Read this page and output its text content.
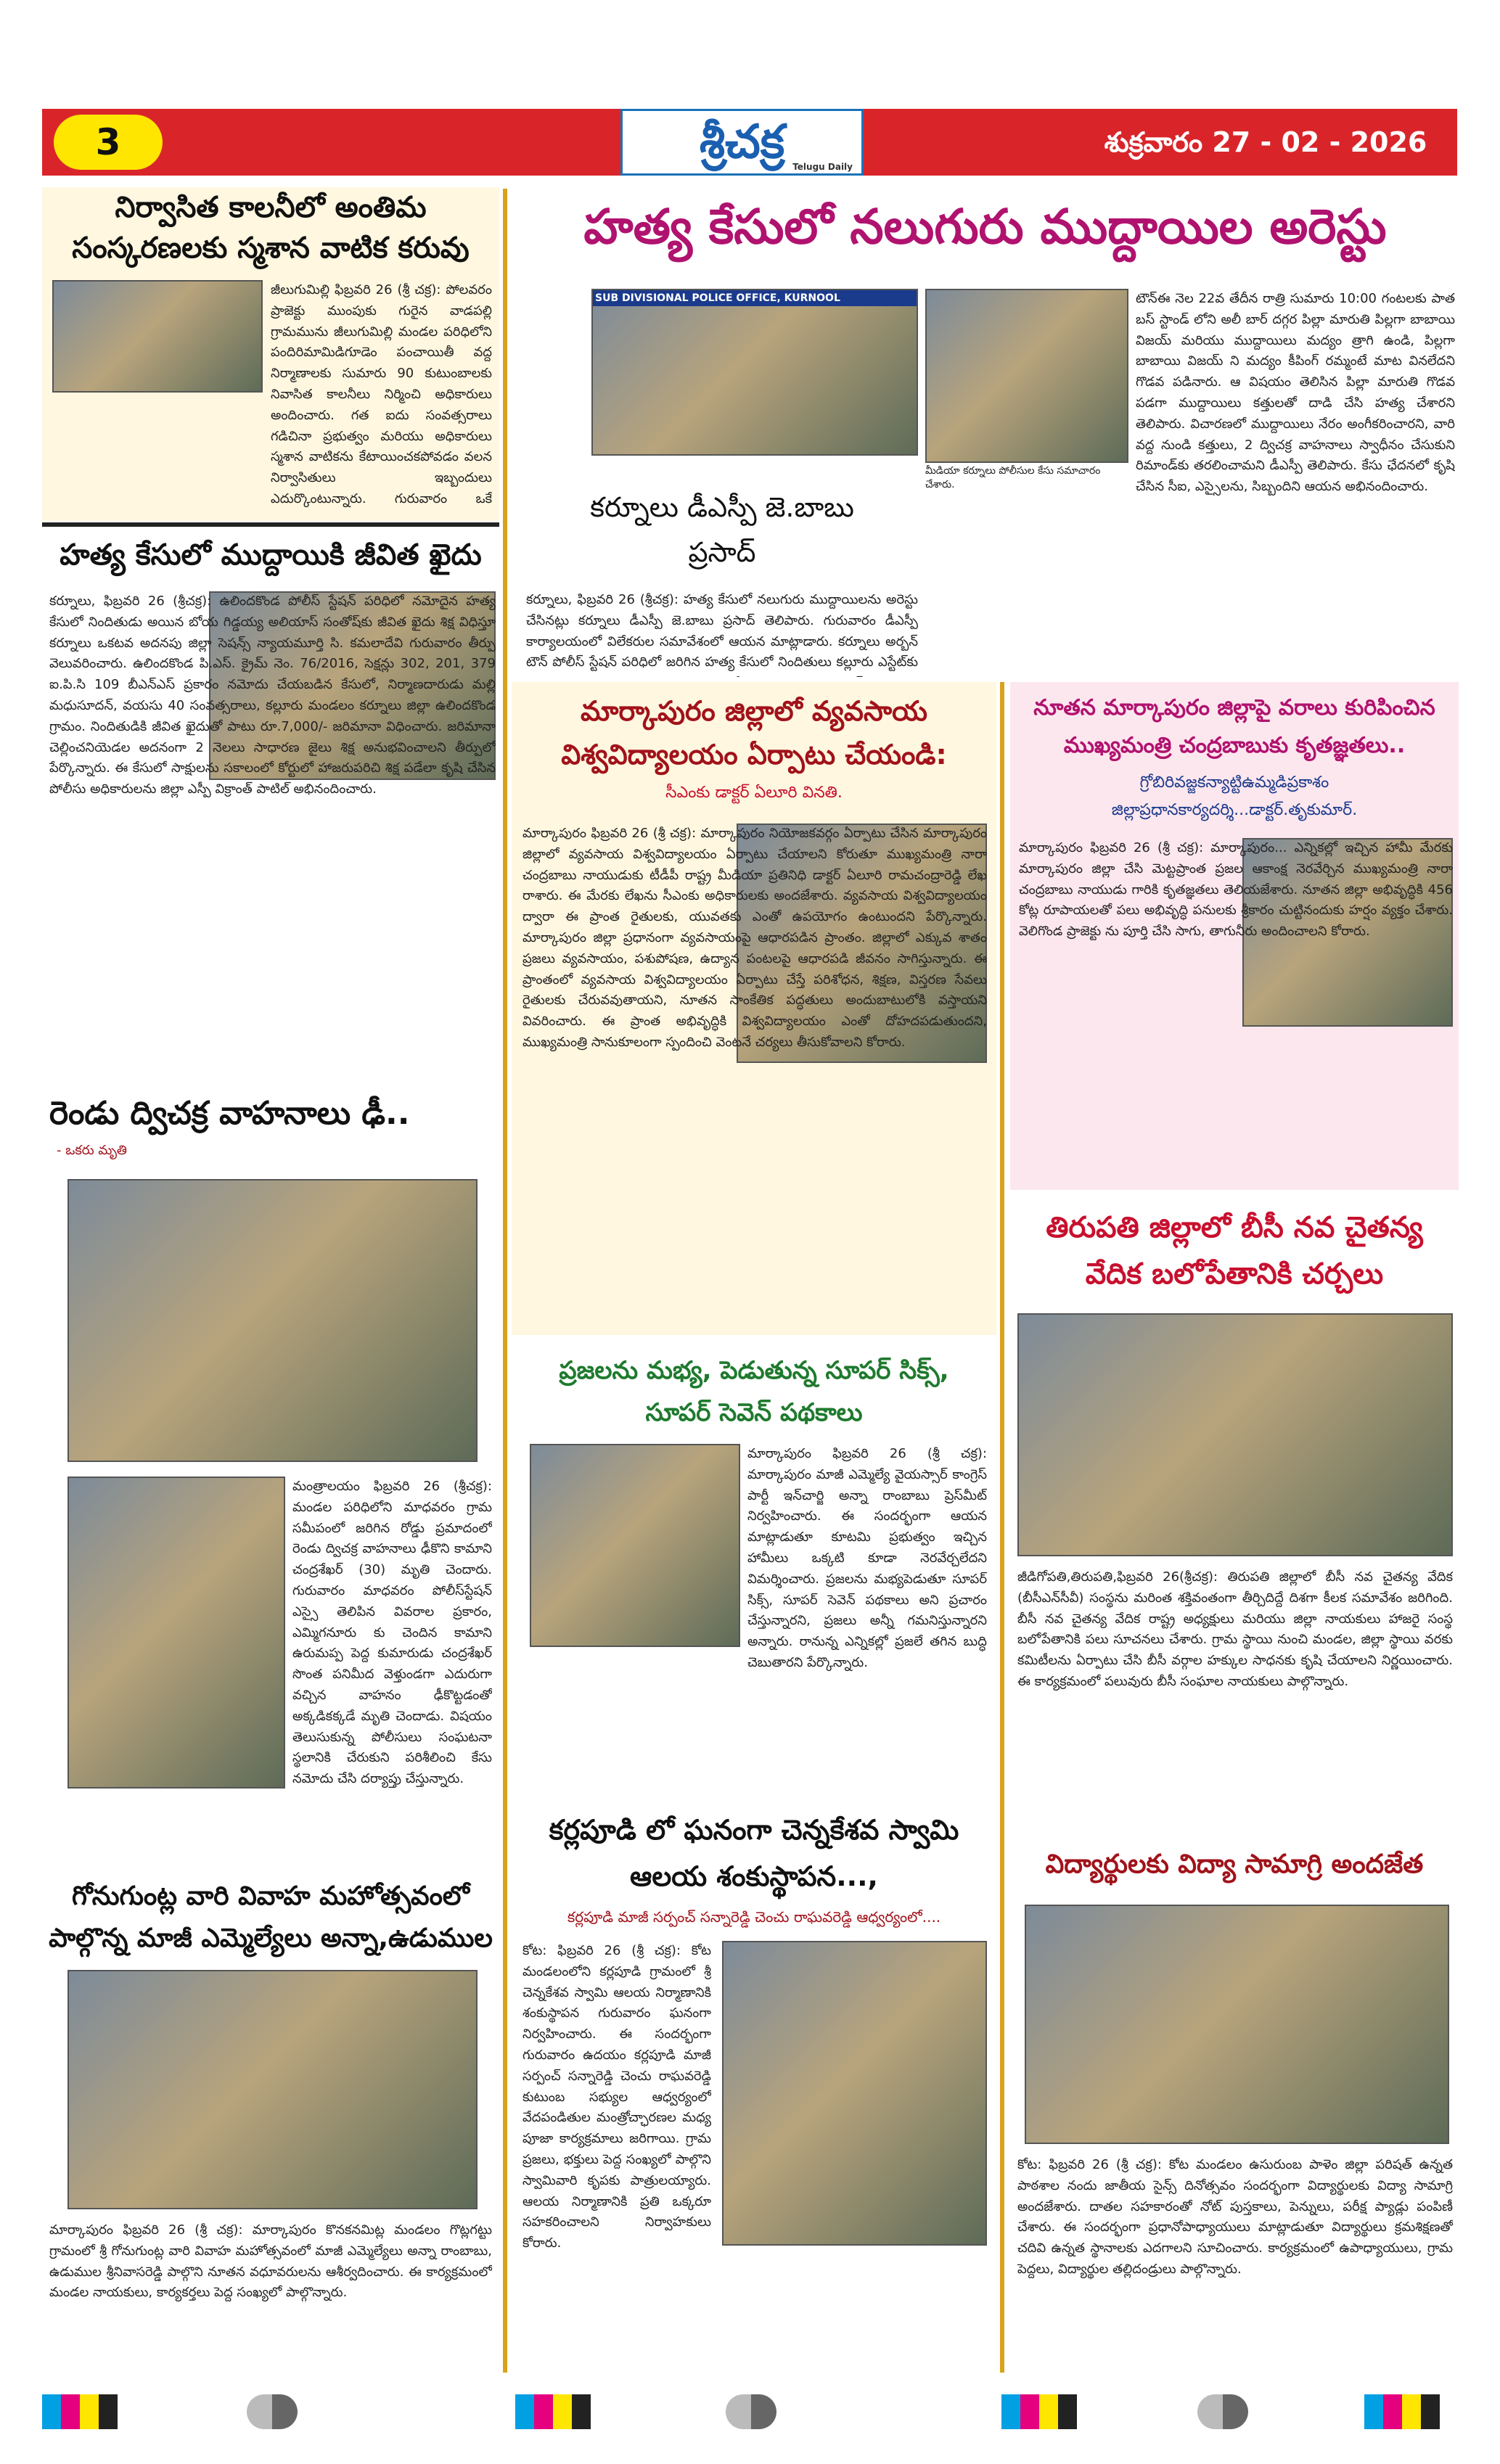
3	శ్రీచక్ర Telugu Daily
శుక్రవారం 27 - 02 - 2026
నిర్వాసిత కాలనీలో అంతిమ
సంస్కరణలకు స్మశాన వాటిక కరువు
జీలుగుమిల్లి ఫిబ్రవరి 26 (శ్రీ చక్ర): పోలవరం ప్రాజెక్టు ముంపుకు గురైన వాడపల్లి గ్రామమును జీలుగుమిల్లి మండల పరిధిలోని పందిరిమామిడిగూడెం పంచాయితీ వద్ద నిర్మాణాలకు సుమారు 90 కుటుంబాలకు నివాసిత కాలనీలు నిర్మించి అధికారులు అందించారు. గత ఐదు సంవత్సరాలు గడిచినా ప్రభుత్వం మరియు అధికారులు స్మశాన వాటికను కేటాయించకపోవడం వలన నిర్వాసితులు ఇబ్బందులు ఎదుర్కొంటున్నారు. గురువారం ఒకే
హత్య కేసులో ముద్దాయికి జీవిత ఖైదు
కర్నూలు, ఫిబ్రవరి 26 (శ్రీచక్ర): ఉలిందకొండ పోలీస్ స్టేషన్ పరిధిలో నమోదైన హత్య కేసులో నిందితుడు అయిన బోయ గిడ్డయ్య అలియాస్ సంతోష్‌కు జీవిత ఖైదు శిక్ష విధిస్తూ కర్నూలు ఒకటవ అదనపు జిల్లా సెషన్స్ న్యాయమూర్తి సి. కమలాదేవి గురువారం తీర్పు వెలువరించారు. ఉలిందకొండ పి.ఎస్. క్రైమ్ నెం. 76/2016, సెక్షన్లు 302, 201, 379 ఐ.పి.సి 109 బీఎన్ఎస్ ప్రకారం నమోదు చేయబడిన కేసులో, నిర్మాణదారుడు మల్లి మధుసూదన్, వయసు 40 సంవత్సరాలు, కల్లూరు మండలం కర్నూలు జిల్లా ఉలిందకొండ గ్రామం. నిందితుడికి జీవిత ఖైదుతో పాటు రూ.7,000/- జరిమానా విధించారు. జరిమానా చెల్లించనియెడల అదనంగా 2 నెలలు సాధారణ జైలు శిక్ష అనుభవించాలని తీర్పులో పేర్కొన్నారు. ఈ కేసులో సాక్షులను సకాలంలో కోర్టులో హాజరుపరిచి శిక్ష పడేలా కృషి చేసిన పోలీసు అధికారులను జిల్లా ఎస్పీ విక్రాంత్ పాటిల్ అభినందించారు.
రెండు ద్విచక్ర వాహనాలు ఢీ..
- ఒకరు మృతి
మంత్రాలయం ఫిబ్రవరి 26 (శ్రీచక్ర): మండల పరిధిలోని మాధవరం గ్రామ సమీపంలో జరిగిన రోడ్డు ప్రమాదంలో రెండు ద్విచక్ర వాహనాలు ఢీకొని కామాని చంద్రశేఖర్ (30) మృతి చెందారు. గురువారం మాధవరం పోలీస్‌స్టేషన్ ఎస్సై తెలిపిన వివరాల ప్రకారం, ఎమ్మిగనూరు కు చెందిన కామాని ఉరుమప్ప పెద్ద కుమారుడు చంద్రశేఖర్ సొంత పనిమీద వెళ్తుండగా ఎదురుగా వచ్చిన వాహనం ఢీకొట్టడంతో అక్కడికక్కడే మృతి చెందాడు. విషయం తెలుసుకున్న పోలీసులు సంఘటనా స్థలానికి చేరుకుని పరిశీలించి కేసు నమోదు చేసి దర్యాప్తు చేస్తున్నారు.
గోనుగుంట్ల వారి వివాహ మహోత్సవంలో
పాల్గొన్న మాజీ ఎమ్మెల్యేలు అన్నా,ఉడుముల
మార్కాపురం ఫిబ్రవరి 26 (శ్రీ చక్ర): మార్కాపురం కొనకనమిట్ల మండలం గొట్లగట్టు గ్రామంలో శ్రీ గోనుగుంట్ల వారి వివాహ మహోత్సవంలో మాజీ ఎమ్మెల్యేలు అన్నా రాంబాబు, ఉడుముల శ్రీనివాసరెడ్డి పాల్గొని నూతన వధూవరులను ఆశీర్వదించారు. ఈ కార్యక్రమంలో మండల నాయకులు, కార్యకర్తలు పెద్ద సంఖ్యలో పాల్గొన్నారు.
హత్య కేసులో నలుగురు ముద్దాయిల అరెస్టు
SUB DIVISIONAL POLICE OFFICE, KURNOOL
మీడియా కర్నూలు పోలీసుల కేసు సమాచారం చేశారు.
కర్నూలు డీఎస్పీ జె.బాబు
ప్రసాద్
కర్నూలు, ఫిబ్రవరి 26 (శ్రీచక్ర): హత్య కేసులో నలుగురు ముద్దాయిలను అరెస్టు చేసినట్లు కర్నూలు డీఎస్పీ జె.బాబు ప్రసాద్ తెలిపారు. గురువారం డీఎస్పీ కార్యాలయంలో విలేకరుల సమావేశంలో ఆయన మాట్లాడారు. కర్నూలు అర్బన్ టౌన్ పోలీస్ స్టేషన్ పరిధిలో జరిగిన హత్య కేసులో నిందితులు కల్లూరు ఎస్టేట్‌కు
టౌన్‌ఈ నెల 22వ తేదీన రాత్రి సుమారు 10:00 గంటలకు పాత బస్ స్టాండ్ లోని అలీ బార్ దగ్గర పిల్లా మారుతి పిల్లగా బాబాయి విజయ్ మరియు ముద్దాయిలు మద్యం త్రాగి ఉండి, పిల్లగా బాబాయి విజయ్ ని మద్యం కీపింగ్ రమ్మంటే మాట వినలేదని గొడవ పడినారు. ఆ విషయం తెలిసిన పిల్లా మారుతి గొడవ పడగా ముద్దాయిలు కత్తులతో దాడి చేసి హత్య చేశారని తెలిపారు. విచారణలో ముద్దాయిలు నేరం అంగీకరించారని, వారి వద్ద నుండి కత్తులు, 2 ద్విచక్ర వాహనాలు స్వాధీనం చేసుకుని రిమాండ్‌కు తరలించామని డీఎస్పీ తెలిపారు. కేసు ఛేదనలో కృషి చేసిన సీఐ, ఎస్సైలను, సిబ్బందిని ఆయన అభినందించారు.
మార్కాపురం జిల్లాలో వ్యవసాయ
విశ్వవిద్యాలయం ఏర్పాటు చేయండి:
సీఎంకు డాక్టర్ ఏలూరి వినతి.
మార్కాపురం ఫిబ్రవరి 26 (శ్రీ చక్ర): మార్కాపురం నియోజకవర్గం ఏర్పాటు చేసిన మార్కాపురం జిల్లాలో వ్యవసాయ విశ్వవిద్యాలయం ఏర్పాటు చేయాలని కోరుతూ ముఖ్యమంత్రి నారా చంద్రబాబు నాయుడుకు టీడీపీ రాష్ట్ర మీడియా ప్రతినిధి డాక్టర్ ఏలూరి రామచంద్రారెడ్డి లేఖ రాశారు. ఈ మేరకు లేఖను సీఎంకు అధికారులకు అందజేశారు. వ్యవసాయ విశ్వవిద్యాలయం ద్వారా ఈ ప్రాంత రైతులకు, యువతకు ఎంతో ఉపయోగం ఉంటుందని పేర్కొన్నారు. మార్కాపురం జిల్లా ప్రధానంగా వ్యవసాయంపై ఆధారపడిన ప్రాంతం. జిల్లాలో ఎక్కువ శాతం ప్రజలు వ్యవసాయం, పశుపోషణ, ఉద్యాన పంటలపై ఆధారపడి జీవనం సాగిస్తున్నారు. ఈ ప్రాంతంలో వ్యవసాయ విశ్వవిద్యాలయం ఏర్పాటు చేస్తే పరిశోధన, శిక్షణ, విస్తరణ సేవలు రైతులకు చేరువవుతాయని, నూతన సాంకేతిక పద్ధతులు అందుబాటులోకి వస్తాయని వివరించారు. ఈ ప్రాంత అభివృద్ధికి విశ్వవిద్యాలయం ఎంతో దోహదపడుతుందని, ముఖ్యమంత్రి సానుకూలంగా స్పందించి వెంటనే చర్యలు తీసుకోవాలని కోరారు.
ప్రజలను మభ్య, పెడుతున్న సూపర్ సిక్స్,
సూపర్ సెవెన్ పథకాలు
మార్కాపురం ఫిబ్రవరి 26 (శ్రీ చక్ర): మార్కాపురం మాజీ ఎమ్మెల్యే వైయస్సార్ కాంగ్రెస్ పార్టీ ఇన్‌చార్జి అన్నా రాంబాబు ప్రెస్‌మీట్ నిర్వహించారు. ఈ సందర్భంగా ఆయన మాట్లాడుతూ కూటమి ప్రభుత్వం ఇచ్చిన హామీలు ఒక్కటి కూడా నెరవేర్చలేదని విమర్శించారు. ప్రజలను మభ్యపెడుతూ సూపర్ సిక్స్, సూపర్ సెవెన్ పథకాలు అని ప్రచారం చేస్తున్నారని, ప్రజలు అన్నీ గమనిస్తున్నారని అన్నారు. రానున్న ఎన్నికల్లో ప్రజలే తగిన బుద్ధి చెబుతారని పేర్కొన్నారు.
కర్లపూడి లో ఘనంగా చెన్నకేశవ స్వామి
ఆలయ శంకుస్థాపన...,
కర్లపూడి మాజీ సర్పంచ్ సన్నారెడ్డి చెంచు రాఘవరెడ్డి ఆధ్వర్యంలో....
కోట: ఫిబ్రవరి 26 (శ్రీ చక్ర): కోట మండలంలోని కర్లపూడి గ్రామంలో శ్రీ చెన్నకేశవ స్వామి ఆలయ నిర్మాణానికి శంకుస్థాపన గురువారం ఘనంగా నిర్వహించారు. ఈ సందర్భంగా గురువారం ఉదయం కర్లపూడి మాజీ సర్పంచ్ సన్నారెడ్డి చెంచు రాఘవరెడ్డి కుటుంబ సభ్యుల ఆధ్వర్యంలో వేదపండితుల మంత్రోచ్ఛారణల మధ్య పూజా కార్యక్రమాలు జరిగాయి. గ్రామ ప్రజలు, భక్తులు పెద్ద సంఖ్యలో పాల్గొని స్వామివారి కృపకు పాత్రులయ్యారు. ఆలయ నిర్మాణానికి ప్రతి ఒక్కరూ సహకరించాలని నిర్వాహకులు కోరారు.
నూతన మార్కాపురం జిల్లాపై వరాలు కురిపించిన
ముఖ్యమంత్రి చంద్రబాబుకు కృతజ్ఞతలు..
గ్రోబిరివజ్జకన్యాట్టిఉమ్మడిప్రకాశం
జిల్లాప్రధానకార్యదర్శి...డాక్టర్.తృకుమార్.
మార్కాపురం ఫిబ్రవరి 26 (శ్రీ చక్ర): మార్కాపురం... ఎన్నికల్లో ఇచ్చిన హామీ మేరకు మార్కాపురం జిల్లా చేసి మెట్టప్రాంత ప్రజల ఆకాంక్ష నెరవేర్చిన ముఖ్యమంత్రి నారా చంద్రబాబు నాయుడు గారికి కృతజ్ఞతలు తెలియజేశారు. నూతన జిల్లా అభివృద్ధికి 456 కోట్ల రూపాయలతో పలు అభివృద్ధి పనులకు శ్రీకారం చుట్టినందుకు హర్షం వ్యక్తం చేశారు. వెలిగొండ ప్రాజెక్టు ను పూర్తి చేసి సాగు, తాగునీరు అందించాలని కోరారు.
తిరుపతి జిల్లాలో బీసీ నవ చైతన్య
వేదిక బలోపేతానికి చర్చలు
జీడిగోపతి,తిరుపతి,ఫిబ్రవరి 26(శ్రీచక్ర): తిరుపతి జిల్లాలో బీసీ నవ చైతన్య వేదిక (బీసీఎన్‌సీవీ) సంస్థను మరింత శక్తివంతంగా తీర్చిదిద్దే దిశగా కీలక సమావేశం జరిగింది. బీసీ నవ చైతన్య వేదిక రాష్ట్ర అధ్యక్షులు మరియు జిల్లా నాయకులు హాజరై సంస్థ బలోపేతానికి పలు సూచనలు చేశారు. గ్రామ స్థాయి నుంచి మండల, జిల్లా స్థాయి వరకు కమిటీలను ఏర్పాటు చేసి బీసీ వర్గాల హక్కుల సాధనకు కృషి చేయాలని నిర్ణయించారు. ఈ కార్యక్రమంలో పలువురు బీసీ సంఘాల నాయకులు పాల్గొన్నారు.
విద్యార్థులకు విద్యా సామాగ్రి అందజేత
కోట: ఫిబ్రవరి 26 (శ్రీ చక్ర): కోట మండలం ఉసురుంబ పాళెం జిల్లా పరిషత్ ఉన్నత పాఠశాల నందు జాతీయ సైన్స్ దినోత్సవం సందర్భంగా విద్యార్థులకు విద్యా సామాగ్రి అందజేశారు. దాతల సహకారంతో నోట్ పుస్తకాలు, పెన్నులు, పరీక్ష ప్యాడ్లు పంపిణీ చేశారు. ఈ సందర్భంగా ప్రధానోపాధ్యాయులు మాట్లాడుతూ విద్యార్థులు క్రమశిక్షణతో చదివి ఉన్నత స్థానాలకు ఎదగాలని సూచించారు. కార్యక్రమంలో ఉపాధ్యాయులు, గ్రామ పెద్దలు, విద్యార్థుల తల్లిదండ్రులు పాల్గొన్నారు.
